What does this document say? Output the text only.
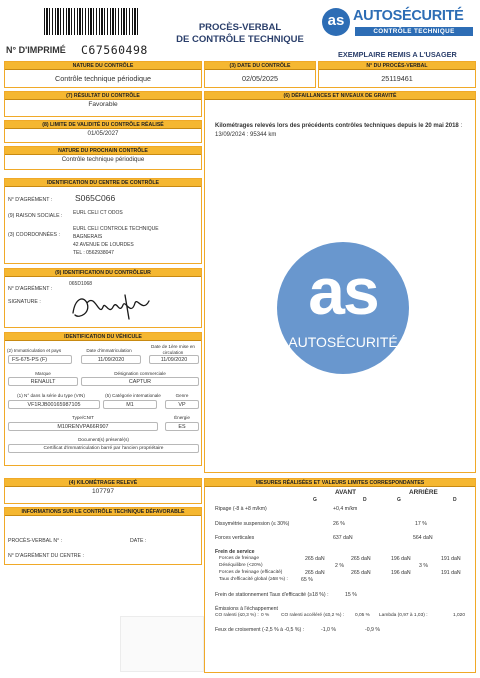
N° D'IMPRIMÉ C67560498
PROCÈS-VERBAL
DE CONTRÔLE TECHNIQUE
as AUTOSÉCURITÉ
CONTRÔLE TECHNIQUE
EXEMPLAIRE REMIS A L'USAGER
NATURE DU CONTRÔLE
Contrôle technique périodique
(3) DATE DU CONTRÔLE
02/05/2025
N° DU PROCÈS-VERBAL
25119461
(7) RÉSULTAT DU CONTRÔLE
Favorable
(6) DÉFAILLANCES ET NIVEAUX DE GRAVITÉ
Kilométrages relevés lors des précédents contrôles techniques depuis le 20 mai 2018 : 13/09/2024 : 95344 km
as
AUTOSÉCURITÉ
(8) LIMITE DE VALIDITÉ DU CONTRÔLE RÉALISÉ
01/05/2027
NATURE DU PROCHAIN CONTRÔLE
Contrôle technique périodique
IDENTIFICATION DU CENTRE DE CONTRÔLE
N° D'AGRÉMENT :	S065C066
(9) RAISON SOCIALE : EURL CELI CT ODOS
(3) COORDONNÉES :
EURL CELI CONTROLE TECHNIQUE
BAGNERAIS
42 AVENUE DE LOURDES
TEL : 0562938047
(9) IDENTIFICATION DU CONTRÔLEUR
N° D'AGRÉMENT :
065D1068
SIGNATURE :
IDENTIFICATION DU VÉHICULE
(2) Immatriculation et pays	Date d'immatriculation
Date de 1ère mise en circulation
FS-675-PS (F)	11/09/2020	11/09/2020
Marque	Désignation commerciale
RENAULT	CAPTUR
(1) N° dans la série du type (VIN)	(5) Catégorie internationale	Genre
VF1RJB00165987105	M1	VP
Type/CNIT	Énergie
M10RENVPA66R907	ES
Document(s) présenté(s)
Certificat d'immatriculation barré par l'ancien propriétaire
(4) KILOMÉTRAGE RELEVÉ
107797
INFORMATIONS SUR LE CONTRÔLE TECHNIQUE DÉFAVORABLE
PROCÈS-VERBAL N° :	DATE :
N° D'AGRÉMENT DU CENTRE :
MESURES RÉALISÉES ET VALEURS LIMITES CORRESPONDANTES
AVANT	ARRIÈRE
G	D	G	D
Ripage (-8 à +8 m/km)	+0,4 m/km
Dissymétrie suspension (≤ 30%)	26 %	17 %
Forces verticales	637 daN	564 daN
Frein de service
Forces de freinage	265 daN	265 daN	196 daN	191 daN
Déséquilibre (<20%)	2 %	3 %
Forces de freinage (efficacité)	265 daN	265 daN	196 daN	191 daN
Taux d'efficacité global (≥58 %) :	65 %
Frein de stationnement Taux d'efficacité (≥18 %) :	15 %
Émissions à l'échappement
CO ralenti (≤0,3 %) : 0 % CO ralenti accéléré (≤0,2 %) : 0,05 % Lambda (0,97 à 1,03) :	1,020
Feux de croisement (-2,5 % à -0,5 %) :	-1,0 %	-0,9 %
